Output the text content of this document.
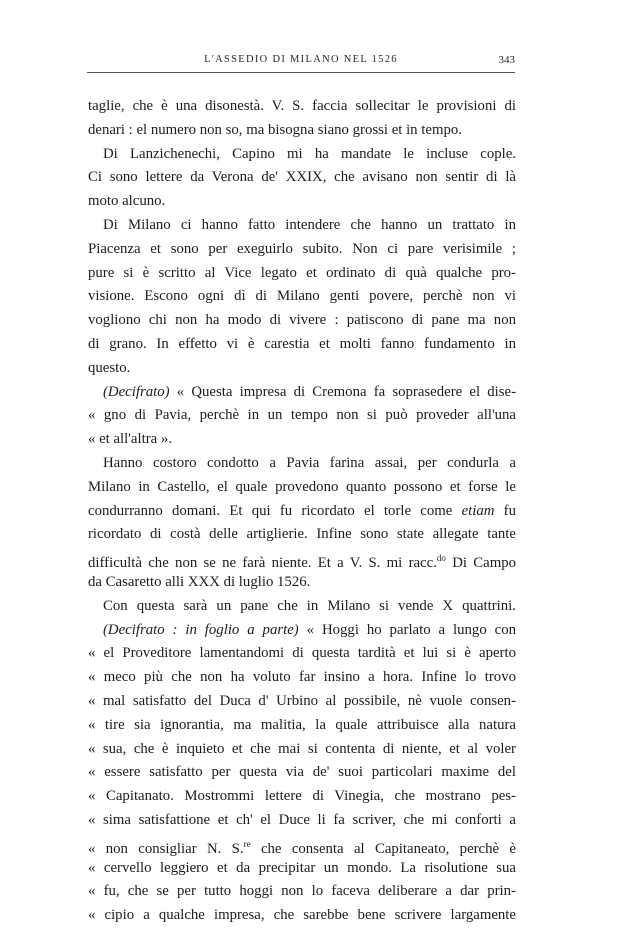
L'ASSEDIO DI MILANO NEL 1526	343
taglie, che è una disonestà. V. S. faccia sollecitar le provisioni di
denari : el numero non so, ma bisogna siano grossi et in tempo.
Di Lanzichenechi, Capino mi ha mandate le incluse cople.
Ci sono lettere da Verona de' XXIX, che avisano non sentir di là
moto alcuno.
Di Milano ci hanno fatto intendere che hanno un trattato in
Piacenza et sono per exeguirlo subito. Non ci pare verisimile ;
pure si è scritto al Vice legato et ordinato di quà qualche pro-
visione. Escono ogni dì di Milano genti povere, perchè non vi
vogliono chi non ha modo di vivere : patiscono di pane ma non
di grano. In effetto vi è carestia et molti fanno fundamento in
questo.
(Decifrato) « Questa impresa di Cremona fa soprasedere el dise-
« gno di Pavia, perchè in un tempo non si può proveder all'una
« et all'altra ».
Hanno costoro condotto a Pavia farina assai, per condurla a
Milano in Castello, el quale provedono quanto possono et forse le
condurranno domani. Et qui fu ricordato el torle come etiam fu
ricordato di costà delle artiglierie. Infine sono state allegate tante
difficultà che non se ne farà niente. Et a V. S. mi racc.$^{do}$ Di Campo
da Casaretto alli XXX di luglio 1526.
Con questa sarà un pane che in Milano si vende X quattrini.
(Decifrato : in foglio a parte) « Hoggi ho parlato a lungo con
« el Proveditore lamentandomi di questa tardità et lui si è aperto
« meco più che non ha voluto far insino a hora. Infine lo trovo
« mal satisfatto del Duca d' Urbino al possibile, nè vuole consen-
« tire sia ignorantia, ma malitia, la quale attribuisce alla natura
« sua, che è inquieto et che mai si contenta di niente, et al voler
« essere satisfatto per questa via de' suoi particolari maxime del
« Capitanato. Mostrommi lettere di Vinegia, che mostrano pes-
« sima satisfattione et ch' el Duce li fa scriver, che mi conforti a
« non consigliar N. S.$^{re}$ che consenta al Capitaneato, perchè è
« cervello leggiero et da precipitar un mondo. La risolutione sua
« fu, che se per tutto hoggi non lo faceva deliberare a dar prin-
« cipio a qualche impresa, che sarebbe bene scrivere largamente
